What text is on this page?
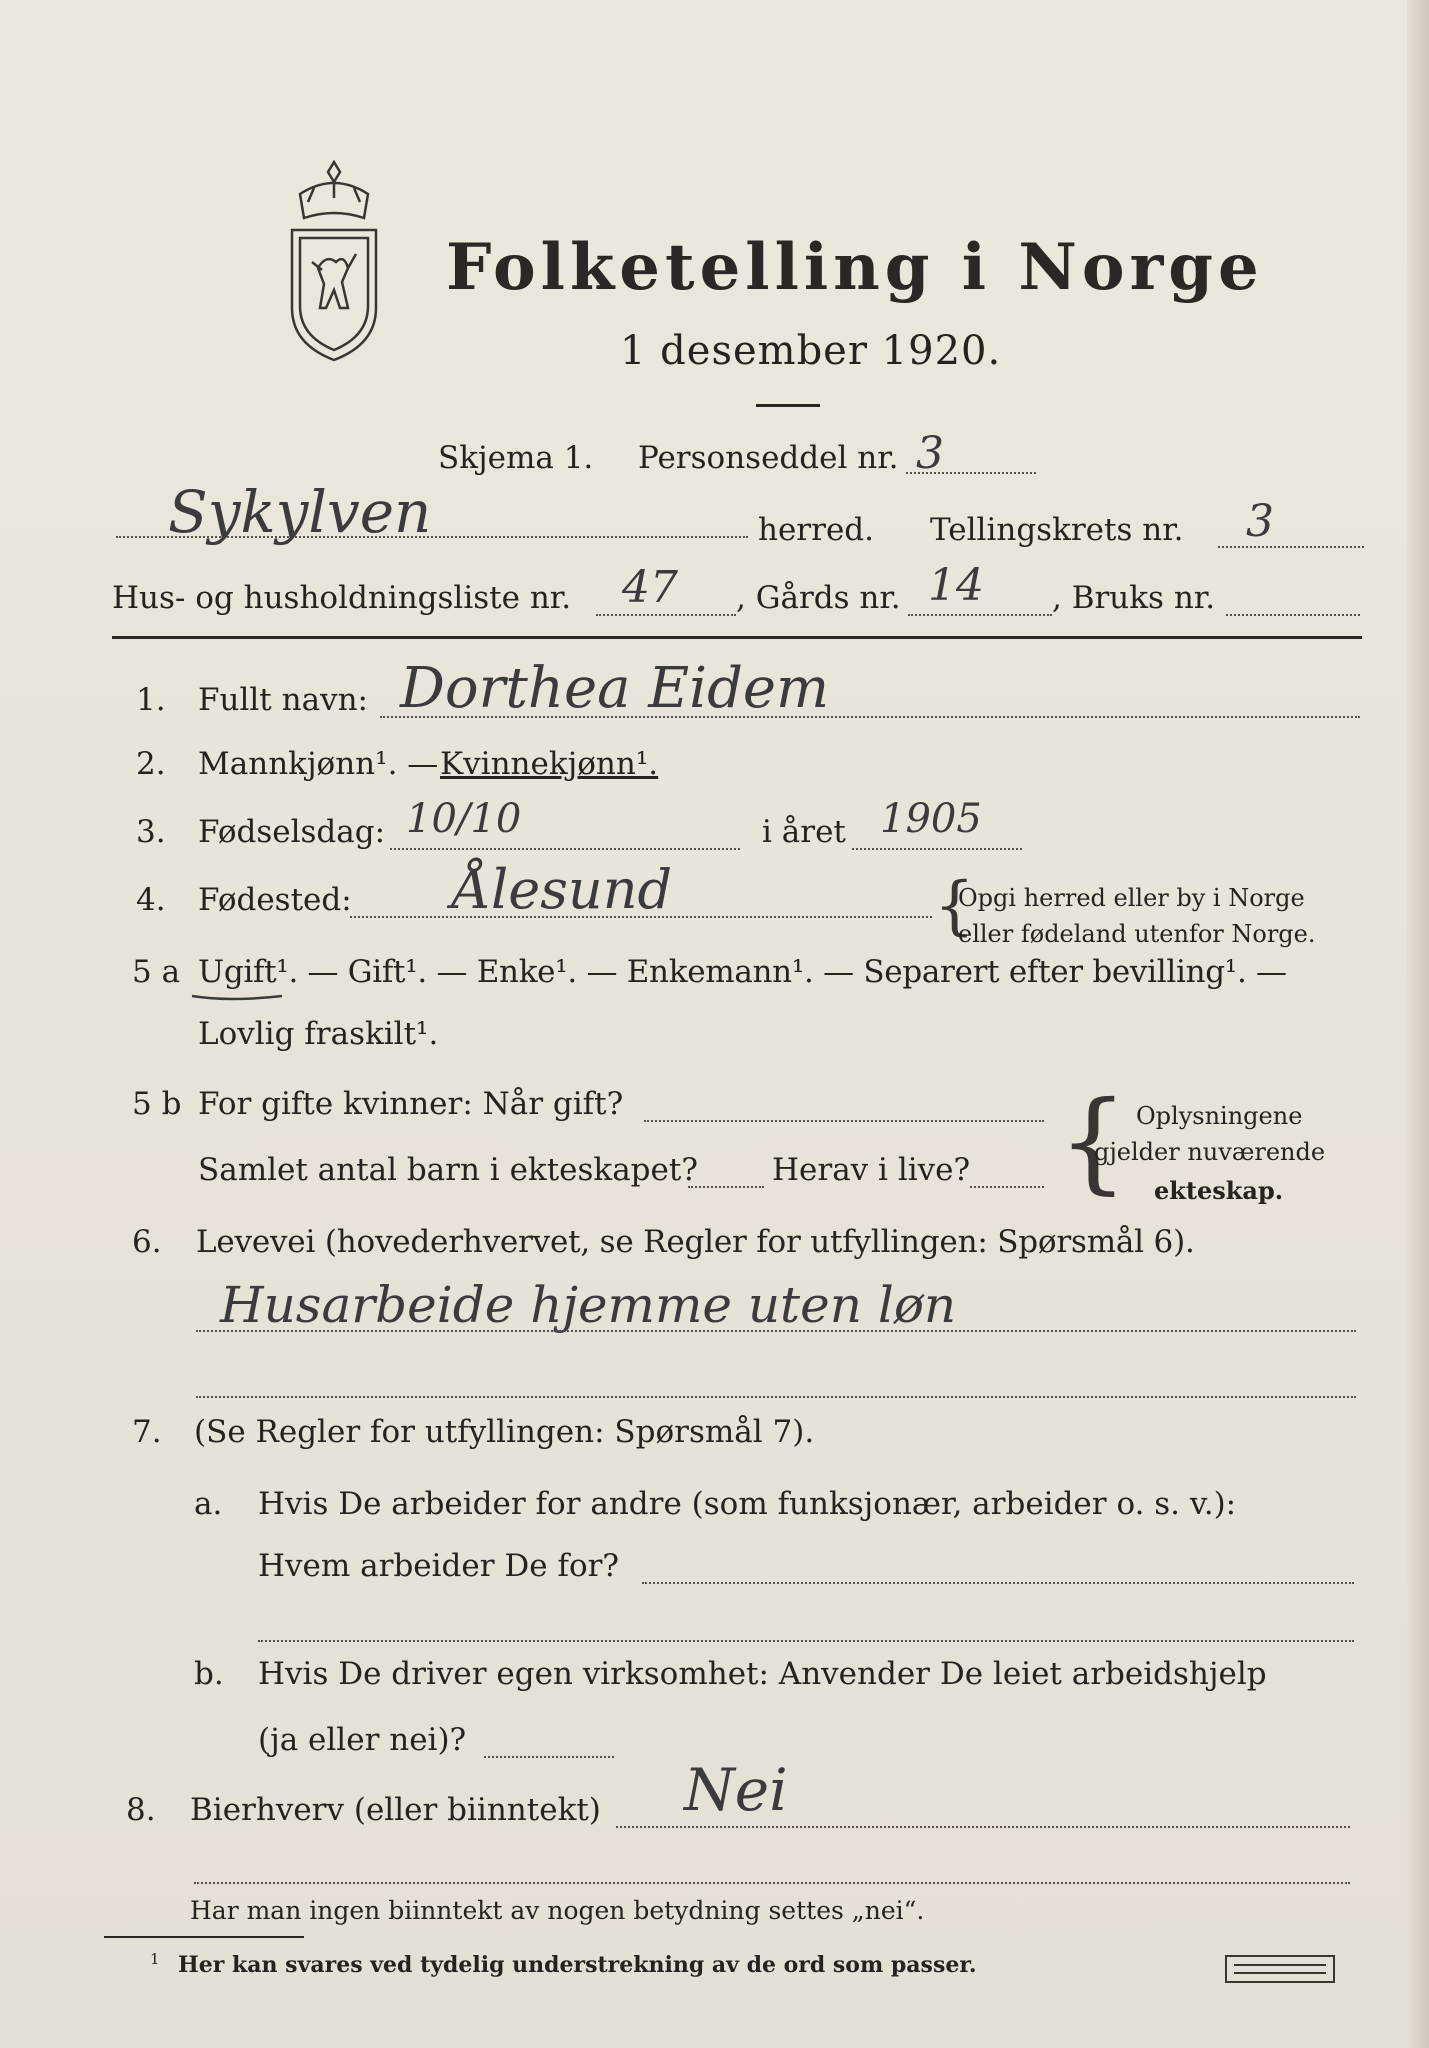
Folketelling i Norge
1 desember 1920.
Skjema 1. Personseddel nr. 3
Sykylven	herred. Tellingskrets nr. 3
Hus- og husholdningsliste nr. 47 , Gårds nr. 14 , Bruks nr.
1. Fullt navn: Dorthea Eidem
2. Mannkjønn¹. — Kvinnekjønn¹.
3. Fødselsdag: 10/10	i året 1905
4. Fødested: Ålesund	{
Opgi herred eller by i Norge
eller fødeland utenfor Norge.
5 a Ugift¹. — Gift¹. — Enke¹. — Enkemann¹. — Separert efter bevilling¹. —
Lovlig fraskilt¹.
5 b For gifte kvinner: Når gift?
Samlet antal barn i ekteskapet? Herav i live? { Oplysningene
gjelder nuværende
ekteskap.
6. Levevei (hovederhvervet, se Regler for utfyllingen: Spørsmål 6).
Husarbeide hjemme uten løn
7. (Se Regler for utfyllingen: Spørsmål 7).
a. Hvis De arbeider for andre (som funksjonær, arbeider o. s. v.):
Hvem arbeider De for?
b. Hvis De driver egen virksomhet: Anvender De leiet arbeidshjelp
(ja eller nei)?
8. Bierhverv (eller biinntekt) Nei
Har man ingen biinntekt av nogen betydning settes „nei“.
1 Her kan svares ved tydelig understrekning av de ord som passer.
